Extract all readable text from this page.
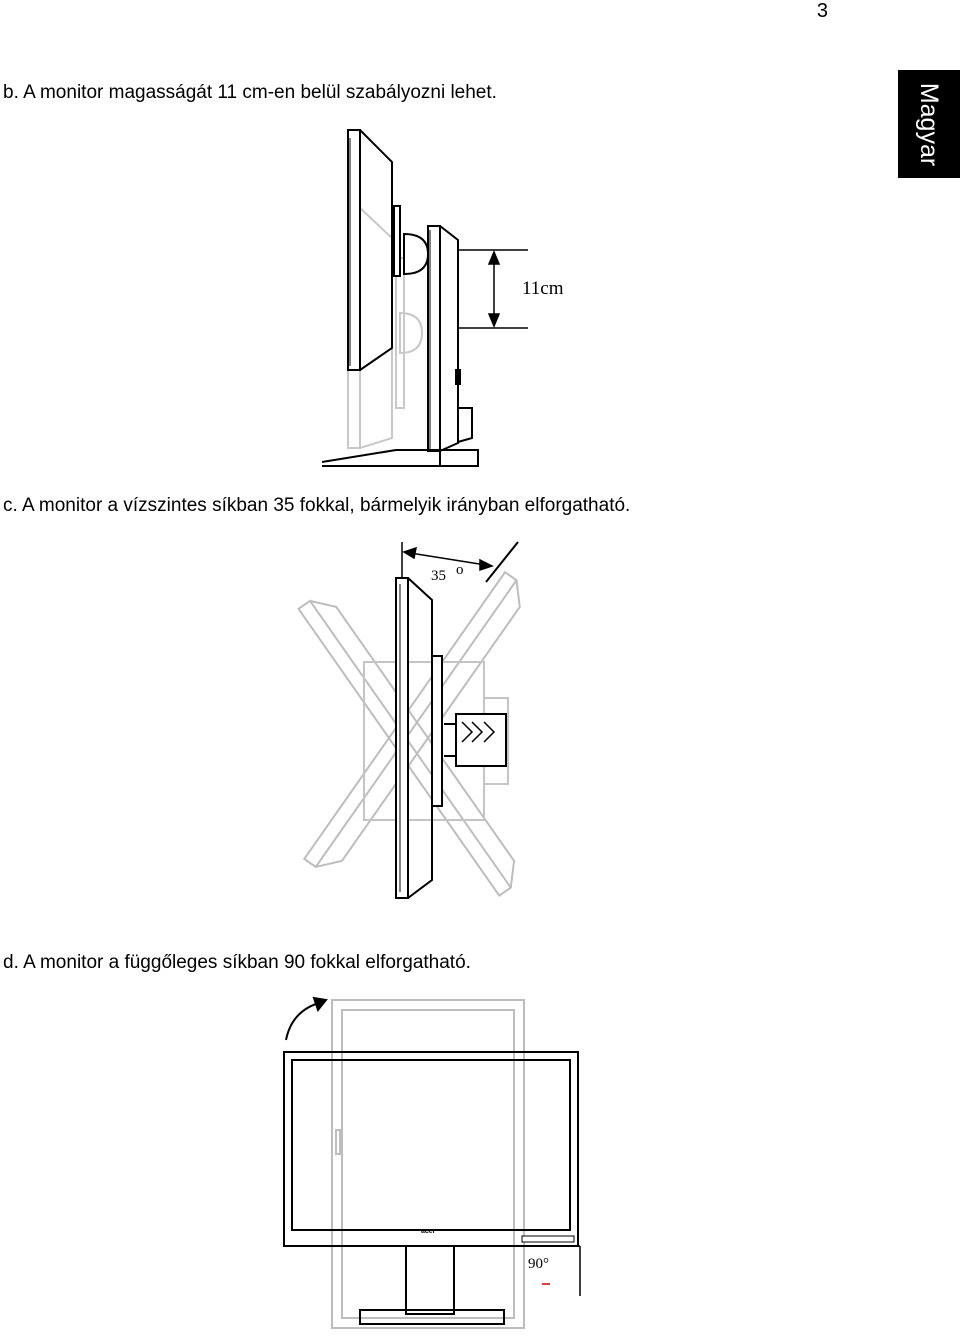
3
Magyar
b. A monitor magasságát 11 cm-en belül szabályozni lehet.
11cm
c. A monitor a vízszintes síkban 35 fokkal, bármelyik irányban elforgatható.
35 o
d. A monitor a függőleges síkban 90 fokkal elforgatható.
acer
90°
